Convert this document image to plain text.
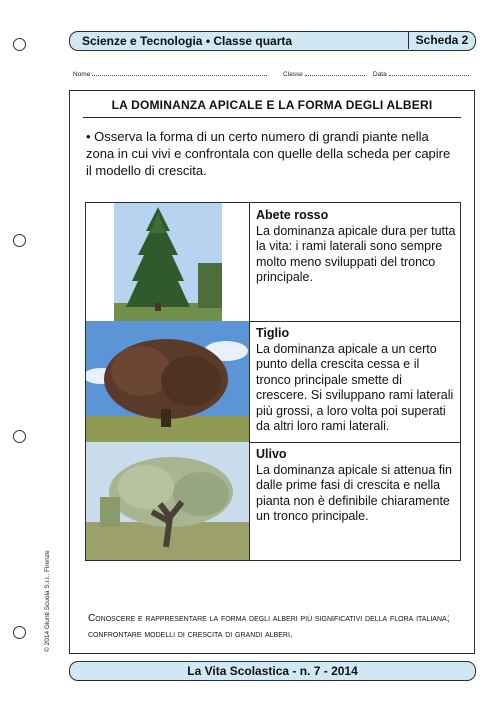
Scienze e Tecnologia • Classe quarta	Scheda 2
Nome	Classe	Data
LA DOMINANZA APICALE E LA FORMA DEGLI ALBERI
• Osserva la forma di un certo numero di grandi piante nella zona in cui vivi e confrontala con quelle della scheda per capire il modello di crescita.
Abete rosso
La dominanza apicale dura per tutta la vita: i rami laterali sono sempre molto meno sviluppati del tronco principale.
Tiglio
La dominanza apicale a un certo punto della crescita cessa e il tronco principale smette di crescere. Si sviluppano rami laterali più grossi, a loro volta poi superati da altri loro rami laterali.
Ulivo
La dominanza apicale si attenua fin dalle prime fasi di crescita e nella pianta non è definibile chiaramente un tronco principale.
Conoscere e rappresentare la forma degli alberi più significativi della flora italiana; confrontare modelli di crescita di grandi alberi.
© 2014 Giunti Scuola S.r.l., Firenze
La Vita Scolastica - n. 7 - 2014
